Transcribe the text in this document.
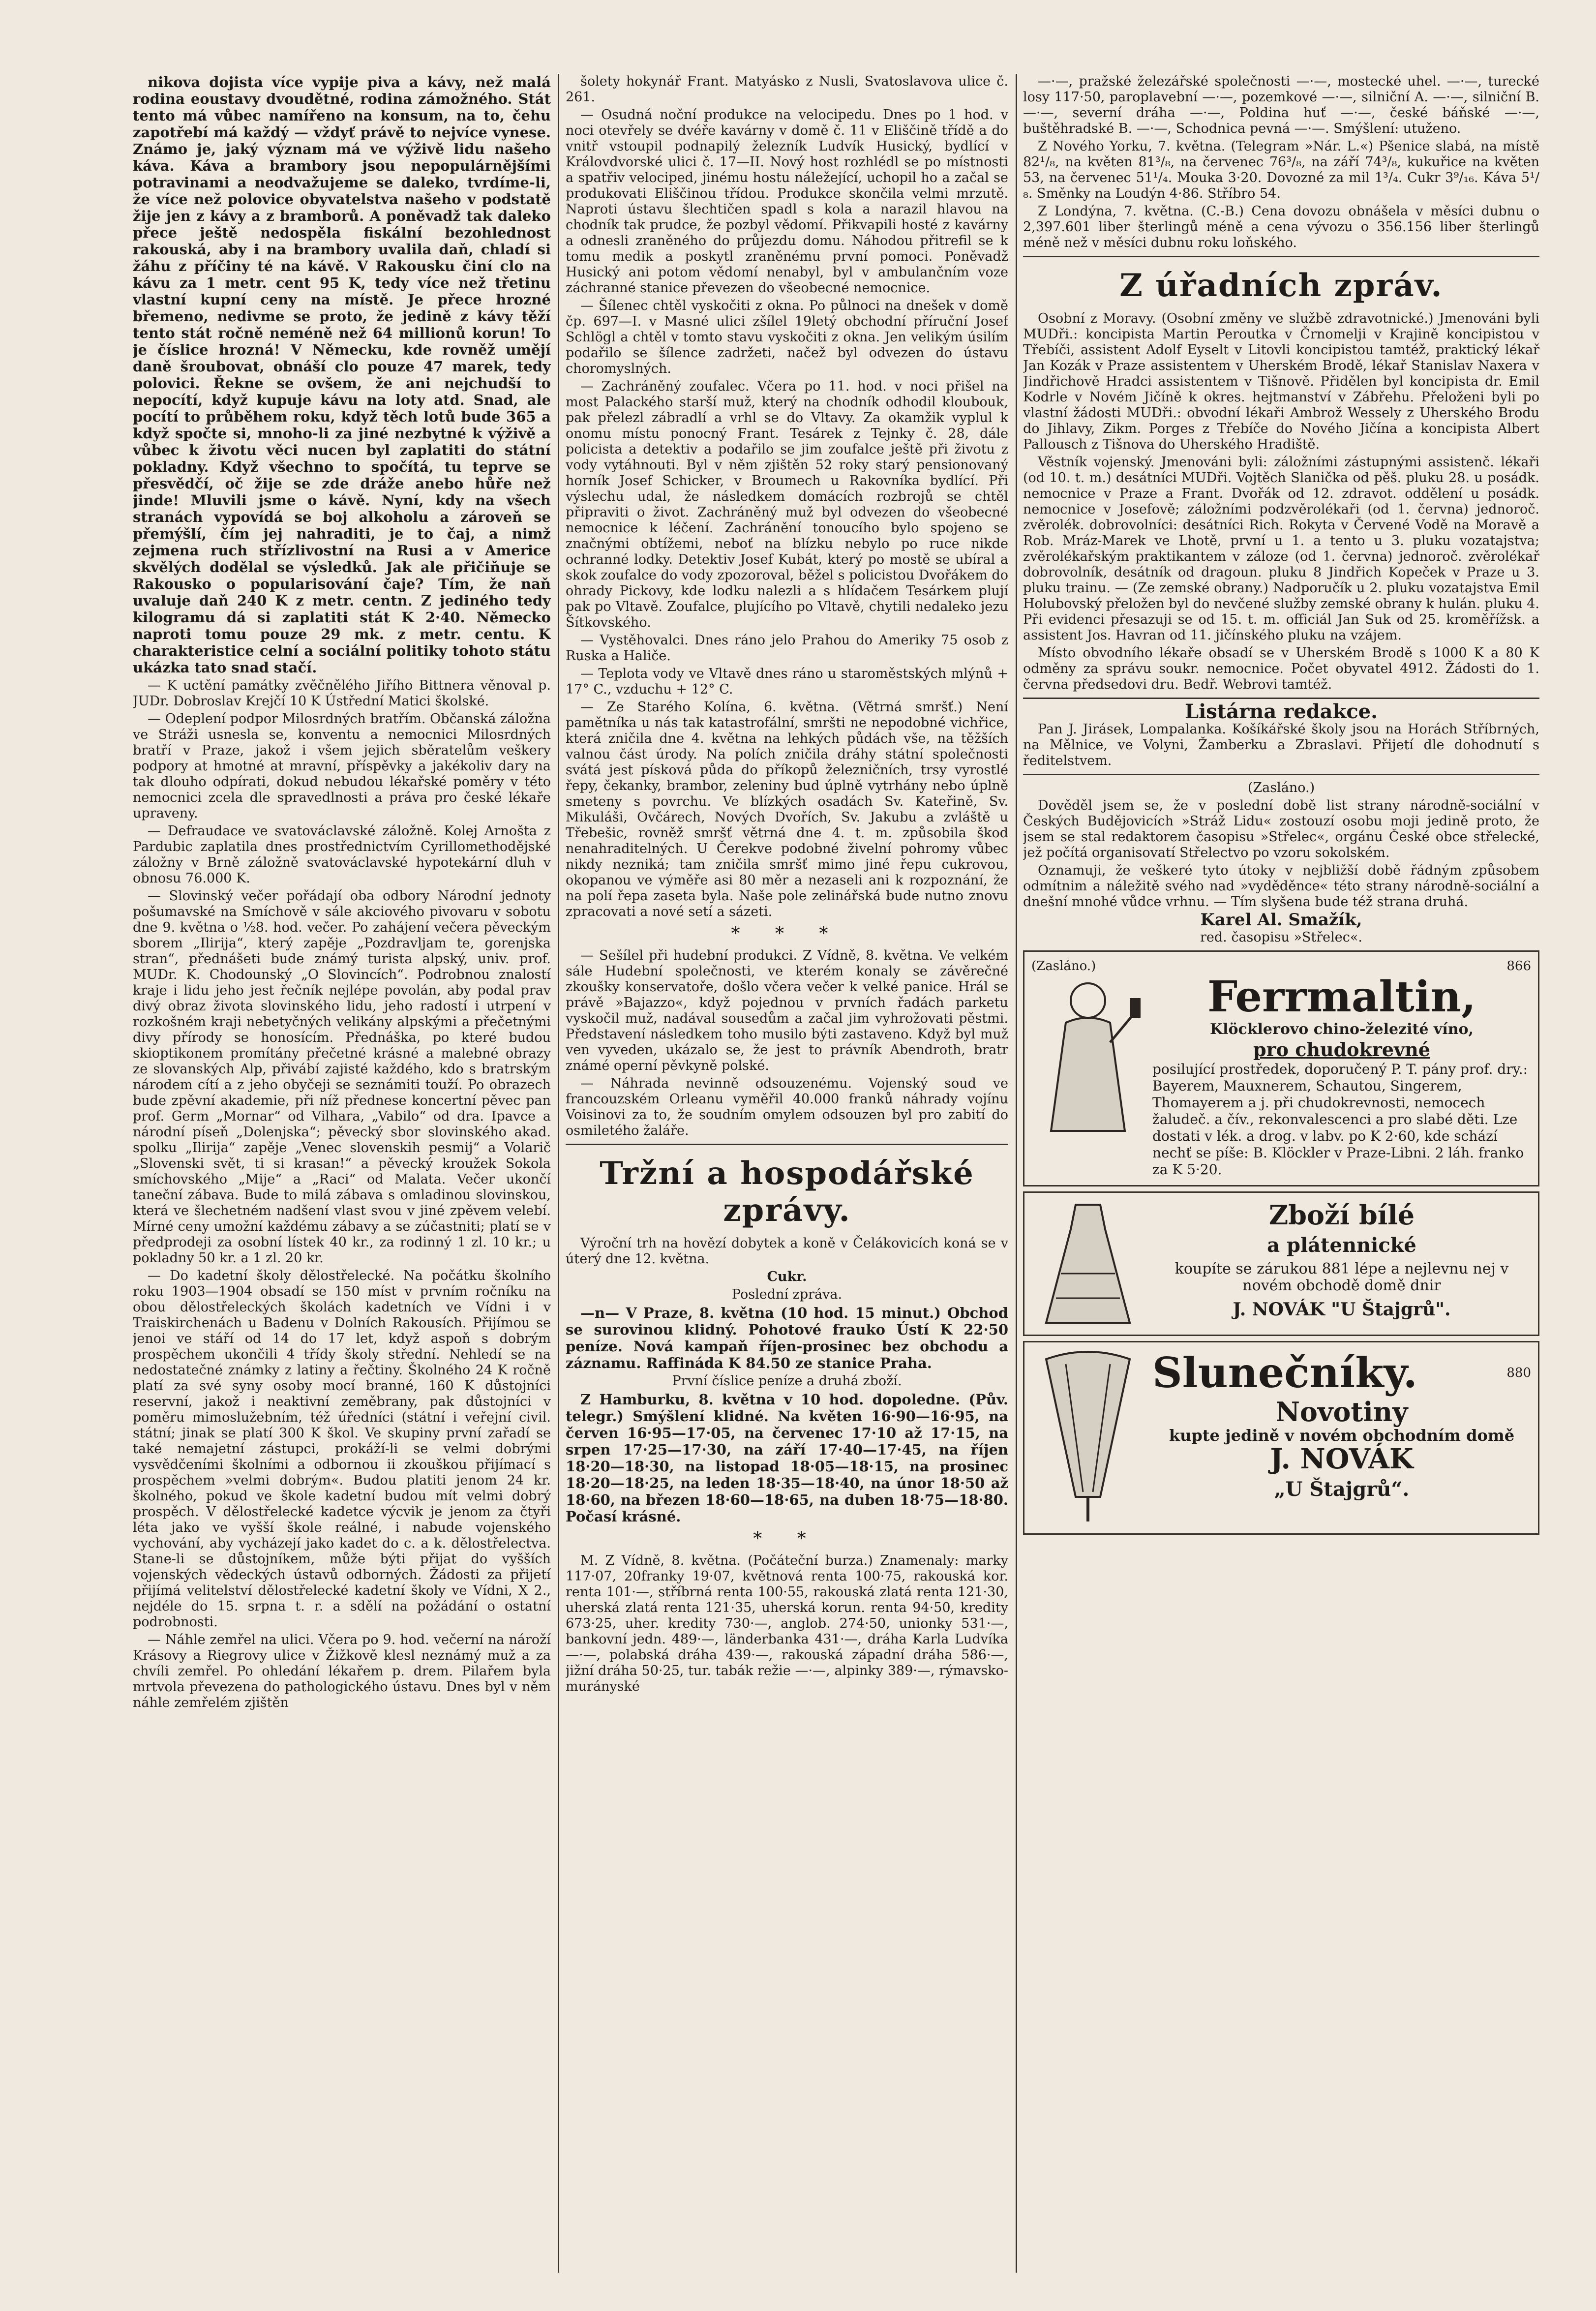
nikova dojista více vypije piva a kávy, než malá rodina eoustavy dvoudětné, rodina zámožného. Stát tento má vůbec namířeno na konsum, na to, čehu zapotřebí má každý — vždyť právě to nejvíce vynese. Známo je, jaký význam má ve výživě lidu našeho káva. Káva a brambory jsou nepopulárnějšími potravinami a neodvažujeme se daleko, tvrdíme-li, že více než polovice obyvatelstva našeho v podstatě žije jen z kávy a z bramborů. A poněvadž tak daleko přece ještě nedospěla fiskální bezohlednost rakouská, aby i na brambory uvalila daň, chladí si žáhu z příčiny té na kávě. V Rakousku činí clo na kávu za 1 metr. cent 95 K, tedy více než třetinu vlastní kupní ceny na místě. Je přece hrozné břemeno, nedivme se proto, že jedině z kávy těží tento stát ročně neméně než 64 millionů korun! To je číslice hrozná! V Německu, kde rovněž umějí daně šroubovat, obnáší clo pouze 47 marek, tedy polovici. Řekne se ovšem, že ani nejchudší to nepocítí, když kupuje kávu na loty atd. Snad, ale pocítí to průběhem roku, když těch lotů bude 365 a když spočte si, mnoho-li za jiné nezbytné k výživě a vůbec k životu věci nucen byl zaplatiti do státní pokladny. Když všechno to spočítá, tu teprve se přesvědčí, oč žije se zde dráže anebo hůře než jinde! Mluvili jsme o kávě. Nyní, kdy na všech stranách vypovídá se boj alkoholu a zároveň se přemýšlí, čím jej nahraditi, je to čaj, a nimž zejmena ruch střízlivostní na Rusi a v Americe skvělých dodělal se výsledků. Jak ale přičiňuje se Rakousko o popularisování čaje? Tím, že naň uvaluje daň 240 K z metr. centn. Z jediného tedy kilogramu dá si zaplatiti stát K 2·40. Německo naproti tomu pouze 29 mk. z metr. centu. K charakteristice celní a sociální politiky tohoto státu ukázka tato snad stačí.

— K uctění památky zvěčnělého Jiřího Bittnera věnoval p. JUDr. Dobroslav Krejčí 10 K Ústřední Matici školské.

— Odeplení podpor Milosrdných bratřím. Občanská záložna ve Stráži usnesla se, konventu a nemocnici Milosrdných bratří v Praze, jakož i všem jejich sběratelům veškery podpory at hmotné at mravní, příspěvky a jakékoliv dary na tak dlouho odpírati, dokud nebudou lékařské poměry v této nemocnici zcela dle spravedlnosti a práva pro české lékaře upraveny.

— Defraudace ve svatováclavské záložně. Kolej Arnošta z Pardubic zaplatila dnes prostřednictvím Cyrillomethodějské záložny v Brně záložně svatováclavské hypotekární dluh v obnosu 76.000 K.

— Slovinský večer pořádají oba odbory Národní jednoty pošumavské na Smíchově v sále akciového pivovaru v sobotu dne 9. května o ½8. hod. večer. Po zahájení večera pěveckým sborem „Ilirija“, který zapěje „Pozdravljam te, gorenjska stran“, přednášeti bude známý turista alpský, univ. prof. MUDr. K. Chodounský „O Slovincích“. Podrobnou znalostí kraje i lidu jeho jest řečník nejlépe povolán, aby podal prav divý obraz života slovinského lidu, jeho radostí i utrpení v rozkošném kraji nebetyčných velikány alpskými a přečetnými divy přírody se honosícím. Přednáška, po které budou skioptikonem promítány přečetné krásné a malebné obrazy ze slovanských Alp, přivábí zajisté každého, kdo s bratrským národem cítí a z jeho obyčeji se seznámiti touží. Po obrazech bude zpěvní akademie, při níž přednese koncertní pěvec pan prof. Germ „Mornar“ od Vilhara, „Vabilo“ od dra. Ipavce a národní píseň „Dolenjska“; pěvecký sbor slovinského akad. spolku „Ilirija“ zapěje „Venec slovenskih pesmij“ a Volarič „Slovenski svět, ti si krasan!“ a pěvecký kroužek Sokola smíchovského „Mije“ a „Raci“ od Malata. Večer ukončí taneční zábava. Bude to milá zábava s omladinou slovinskou, která ve šlechetném nadšení vlast svou v jiné zpěvem velebí. Mírné ceny umožní každému zábavy a se zúčastniti; platí se v předprodeji za osobní lístek 40 kr., za rodinný 1 zl. 10 kr.; u pokladny 50 kr. a 1 zl. 20 kr.

— Do kadetní školy dělostřelecké. Na počátku školního roku 1903—1904 obsadí se 150 míst v prvním ročníku na obou dělostřeleckých školách kadetních ve Vídni i v Traiskirchenách u Badenu v Dolních Rakousích. Přijímou se jenoi ve stáří od 14 do 17 let, když aspoň s dobrým prospěchem ukončili 4 třídy školy střední. Nehledí se na nedostatečné známky z latiny a řečtiny. Školného 24 K ročně platí za své syny osoby mocí branné, 160 K důstojníci reservní, jakož i neaktivní zeměbrany, pak důstojníci v poměru mimoslužebním, též úředníci (státní i veřejní civil. státní; jinak se platí 300 K škol. Ve skupiny první zařadí se také nemajetní zástupci, prokáží-li se velmi dobrými vysvědčeními školními a odbornou ii zkouškou přijímací s prospěchem »velmi dobrým«. Budou platiti jenom 24 kr. školného, pokud ve škole kadetní budou mít velmi dobrý prospěch. V dělostřelecké kadetce výcvik je jenom za čtyři léta jako ve vyšší škole reálné, i nabude vojenského vychování, aby vycházejí jako kadet do c. a k. dělostřelectva. Stane-li se důstojníkem, může býti přijat do vyšších vojenských vědeckých ústavů odborných. Žádosti za přijetí přijímá velitelství dělostřelecké kadetní školy ve Vídni, X 2., nejdéle do 15. srpna t. r. a sdělí na požádání o ostatní podrobnosti.

— Náhle zemřel na ulici. Včera po 9. hod. večerní na nároží Krásovy a Riegrovy ulice v Žižkově klesl neznámý muž a za chvíli zemřel. Po ohledání lékařem p. drem. Pilařem byla mrtvola převezena do pathologického ústavu. Dnes byl v něm náhle zemřelém zjištěn

šolety hokynář Frant. Matyásko z Nusli, Svatoslavova ulice č. 261.

— Osudná noční produkce na velocipedu. Dnes po 1 hod. v noci otevřely se dvéře kavárny v domě č. 11 v Eliščině třídě a do vnitř vstoupil podnapilý železník Ludvík Husický, bydlící v Královdvorské ulici č. 17—II. Nový host rozhlédl se po místnosti a spatřiv velociped, jinému hostu náležející, uchopil ho a začal se produkovati Eliščinou třídou. Produkce skončila velmi mrzutě. Naproti ústavu šlechtičen spadl s kola a narazil hlavou na chodník tak prudce, že pozbyl vědomí. Přikvapili hosté z kavárny a odnesli zraněného do průjezdu domu. Náhodou přitrefil se k tomu medik a poskytl zraněnému první pomoci. Poněvadž Husický ani potom vědomí nenabyl, byl v ambulančním voze záchranné stanice převezen do všeobecné nemocnice.

— Šílenec chtěl vyskočiti z okna. Po půlnoci na dnešek v domě čp. 697—I. v Masné ulici zšílel 19letý obchodní příruční Josef Schlögl a chtěl v tomto stavu vyskočiti z okna. Jen velikým úsilím podařilo se šílence zadržeti, načež byl odvezen do ústavu choromyslných.

— Zachráněný zoufalec. Včera po 11. hod. v noci přišel na most Palackého starší muž, který na chodník odhodil kloubouk, pak přelezl zábradlí a vrhl se do Vltavy. Za okamžik vyplul k onomu místu ponocný Frant. Tesárek z Tejnky č. 28, dále policista a detektiv a podařilo se jim zoufalce ještě při životu z vody vytáhnouti. Byl v něm zjištěn 52 roky starý pensionovaný horník Josef Schicker, v Broumech u Rakovníka bydlící. Při výslechu udal, že následkem domácích rozbrojů se chtěl připraviti o život. Zachráněný muž byl odvezen do všeobecné nemocnice k léčení. Zachránění tonoucího bylo spojeno se značnými obtížemi, neboť na blízku nebylo po ruce nikde ochranné lodky. Detektiv Josef Kubát, který po mostě se ubíral a skok zoufalce do vody zpozoroval, běžel s policistou Dvořákem do ohrady Pickovy, kde lodku nalezli a s hlídačem Tesárkem plují pak po Vltavě. Zoufalce, plujícího po Vltavě, chytili nedaleko jezu Šítkovského.

— Vystěhovalci. Dnes ráno jelo Prahou do Ameriky 75 osob z Ruska a Haliče.

— Teplota vody ve Vltavě dnes ráno u staroměstských mlýnů + 17° C., vzduchu + 12° C.

— Ze Starého Kolína, 6. května. (Větrná smršť.) Není pamětníka u nás tak katastrofální, smršti ne nepodobné vichřice, která zničila dne 4. května na lehkých půdách vše, na těžších valnou část úrody. Na polích zničila dráhy státní společnosti svátá jest písková půda do příkopů železničních, trsy vyrostlé řepy, čekanky, brambor, zeleniny bud úplně vytrhány nebo úplně smeteny s povrchu. Ve blízkých osadách Sv. Kateřině, Sv. Mikuláši, Ovčárech, Nových Dvořích, Sv. Jakubu a zvláště u Třebešic, rovněž smršť větrná dne 4. t. m. způsobila škod nenahraditelných. U Čerekve podobné živelní pohromy vůbec nikdy nezniká; tam zničila smršť mimo jiné řepu cukrovou, okopanou ve výměře asi 80 měr a nezaseli ani k rozpoznání, že na polí řepa zaseta byla. Naše pole zelinářská bude nutno znovu zpracovati a nové setí a sázeti.

* * *

— Sešílel při hudební produkci. Z Vídně, 8. května. Ve velkém sále Hudební společnosti, ve kterém konaly se závěrečné zkoušky konservatoře, došlo včera večer k velké panice. Hrál se právě »Bajazzo«, když pojednou v prvních řadách parketu vyskočil muž, nadával sousedům a začal jim vyhrožovati pěstmi. Představení následkem toho musilo býti zastaveno. Když byl muž ven vyveden, ukázalo se, že jest to právník Abendroth, bratr známé operní pěvkyně polské.

— Náhrada nevinně odsouzenému. Vojenský soud ve francouzském Orleanu vyměřil 40.000 franků náhrady vojínu Voisinovi za to, že soudním omylem odsouzen byl pro zabití do osmiletého žaláře.

Tržní a hospodářské zprávy.

Výroční trh na hovězí dobytek a koně v Čelákovicích koná se v úterý dne 12. května.

Cukr.

Poslední zpráva.

—n— V Praze, 8. května (10 hod. 15 minut.) Obchod se surovinou klidný. Pohotové frauko Ústí K 22·50 peníze. Nová kampaň říjen-prosinec bez obchodu a záznamu. Raffináda K 84.50 ze stanice Praha.

První číslice peníze a druhá zboží.

Z Hamburku, 8. května v 10 hod. dopoledne. (Pův. telegr.) Smýšlení klidné. Na květen 16·90—16·95, na červen 16·95—17·05, na červenec 17·10 až 17·15, na srpen 17·25—17·30, na září 17·40—17·45, na říjen 18·20—18·30, na listopad 18·05—18·15, na prosinec 18·20—18·25, na leden 18·35—18·40, na únor 18·50 až 18·60, na březen 18·60—18·65, na duben 18·75—18·80. Počasí krásné.

* *

M. Z Vídně, 8. května. (Počáteční burza.) Znamenaly: marky 117·07, 20franky 19·07, květnová renta 100·75, rakouská kor. renta 101·—, stříbrná renta 100·55, rakouská zlatá renta 121·30, uherská zlatá renta 121·35, uherská korun. renta 94·50, kredity 673·25, uher. kredity 730·—, anglob. 274·50, unionky 531·—, bankovní jedn. 489·—, länderbanka 431·—, dráha Karla Ludvíka —·—, polabská dráha 439·—, rakouská západní dráha 586·—, jižní dráha 50·25, tur. tabák režie —·—, alpinky 389·—, rýmavsko-murányské

—·—, pražské železářské společnosti —·—, mostecké uhel. —·—, turecké losy 117·50, paroplavební —·—, pozemkové —·—, silniční A. —·—, silniční B. —·—, severní dráha —·—, Poldina huť —·—, české báňské —·—, buštěhradské B. —·—, Schodnica pevná —·—. Smýšlení: utuženo.

Z Nového Yorku, 7. května. (Telegram »Nár. L.«) Pšenice slabá, na místě 82¹/₈, na květen 81³/₈, na červenec 76³/₈, na září 74³/₈, kukuřice na květen 53, na červenec 51¹/₄. Mouka 3·20. Dovozné za mil 1³/₄. Cukr 3⁹/₁₆. Káva 5¹/₈. Směnky na Loudýn 4·86. Stříbro 54.

Z Londýna, 7. května. (C.-B.) Cena dovozu obnášela v měsíci dubnu o 2,397.601 liber šterlingů méně a cena vývozu o 356.156 liber šterlingů méně než v měsíci dubnu roku loňského.

Z úřadních zpráv.

Osobní z Moravy. (Osobní změny ve službě zdravotnické.) Jmenováni byli MUDři.: koncipista Martin Peroutka v Črnomelji v Krajině koncipistou v Třebíči, assistent Adolf Eyselt v Litovli koncipistou tamtéž, praktický lékař Jan Kozák v Praze assistentem v Uherském Brodě, lékař Stanislav Naxera v Jindřichově Hradci assistentem v Tišnově. Přidělen byl koncipista dr. Emil Kodrle v Novém Jičíně k okres. hejtmanství v Zábřehu. Přeloženi byli po vlastní žádosti MUDři.: obvodní lékaři Ambrož Wessely z Uherského Brodu do Jihlavy, Zikm. Porges z Třebíče do Nového Jičína a koncipista Albert Pallousch z Tišnova do Uherského Hradiště.

Věstník vojenský. Jmenováni byli: záložními zástupnými assistenč. lékaři (od 10. t. m.) desátníci MUDři. Vojtěch Slanička od pěš. pluku 28. u posádk. nemocnice v Praze a Frant. Dvořák od 12. zdravot. oddělení u posádk. nemocnice v Josefově; záložními podzvěrolékaři (od 1. června) jednoroč. zvěrolék. dobrovolníci: desátníci Rich. Rokyta v Červené Vodě na Moravě a Rob. Mráz-Marek ve Lhotě, první u 1. a tento u 3. pluku vozatajstva; zvěrolékařským praktikantem v záloze (od 1. června) jednoroč. zvěrolékař dobrovolník, desátník od dragoun. pluku 8 Jindřich Kopeček v Praze u 3. pluku trainu. — (Ze zemské obrany.) Nadporučík u 2. pluku vozatajstva Emil Holubovský přeložen byl do nevčené služby zemské obrany k hulán. pluku 4. Při evidenci přesazuji se od 15. t. m. officiál Jan Suk od 25. kroměřížsk. a assistent Jos. Havran od 11. jičínského pluku na vzájem.

Místo obvodního lékaře obsadí se v Uherském Brodě s 1000 K a 80 K odměny za správu soukr. nemocnice. Počet obyvatel 4912. Žádosti do 1. června předsedovi dru. Bedř. Webrovi tamtéž.

Listárna redakce.

Pan J. Jirásek, Lompalanka. Košíkářské školy jsou na Horách Stříbrných, na Mělnice, ve Volyni, Žamberku a Zbraslavi. Přijetí dle dohodnutí s ředitelstvem.

(Zasláno.)

Dověděl jsem se, že v poslední době list strany národně-sociální v Českých Budějovicích »Stráž Lidu« zostouzí osobu moji jedině proto, že jsem se stal redaktorem časopisu »Střelec«, orgánu České obce střelecké, jež počítá organisovatí Střelectvo po vzoru sokolském.

Oznamuji, že veškeré tyto útoky v nejbližší době řádným způsobem odmítnim a náležitě svého nad »vyděděnce« této strany národně-sociální a dnešní mnohé vůdce vrhnu. — Tím slyšena bude též strana druhá.

Karel Al. Smažík,

red. časopisu »Střelec«.

(Zasláno.)	866
Ferrmaltin,
Klöcklerovo chino-železité víno,
pro chudokrevné
posilující prostředek, doporučený P. T. pány prof. dry.: Bayerem, Mauxnerem, Schautou, Singerem, Thomayerem a j. při chudokrevnosti, nemocech žaludeč. a čív., rekonvalescenci a pro slabé děti. Lze dostati v lék. a drog. v labv. po K 2·60, kde schází nechť se píše: B. Klöckler v Praze-Libni. 2 láh. franko za K 5·20.
Zboží bílé
a plátennické
koupíte se zárukou 881 lépe a nejlevnu nej v novém obchodě domě dnir
J. NOVÁK "U Štajgrů".
Slunečníky.	880
Novotiny
kupte jedině v novém obchodním domě
J. NOVÁK
„U Štajgrů“.
